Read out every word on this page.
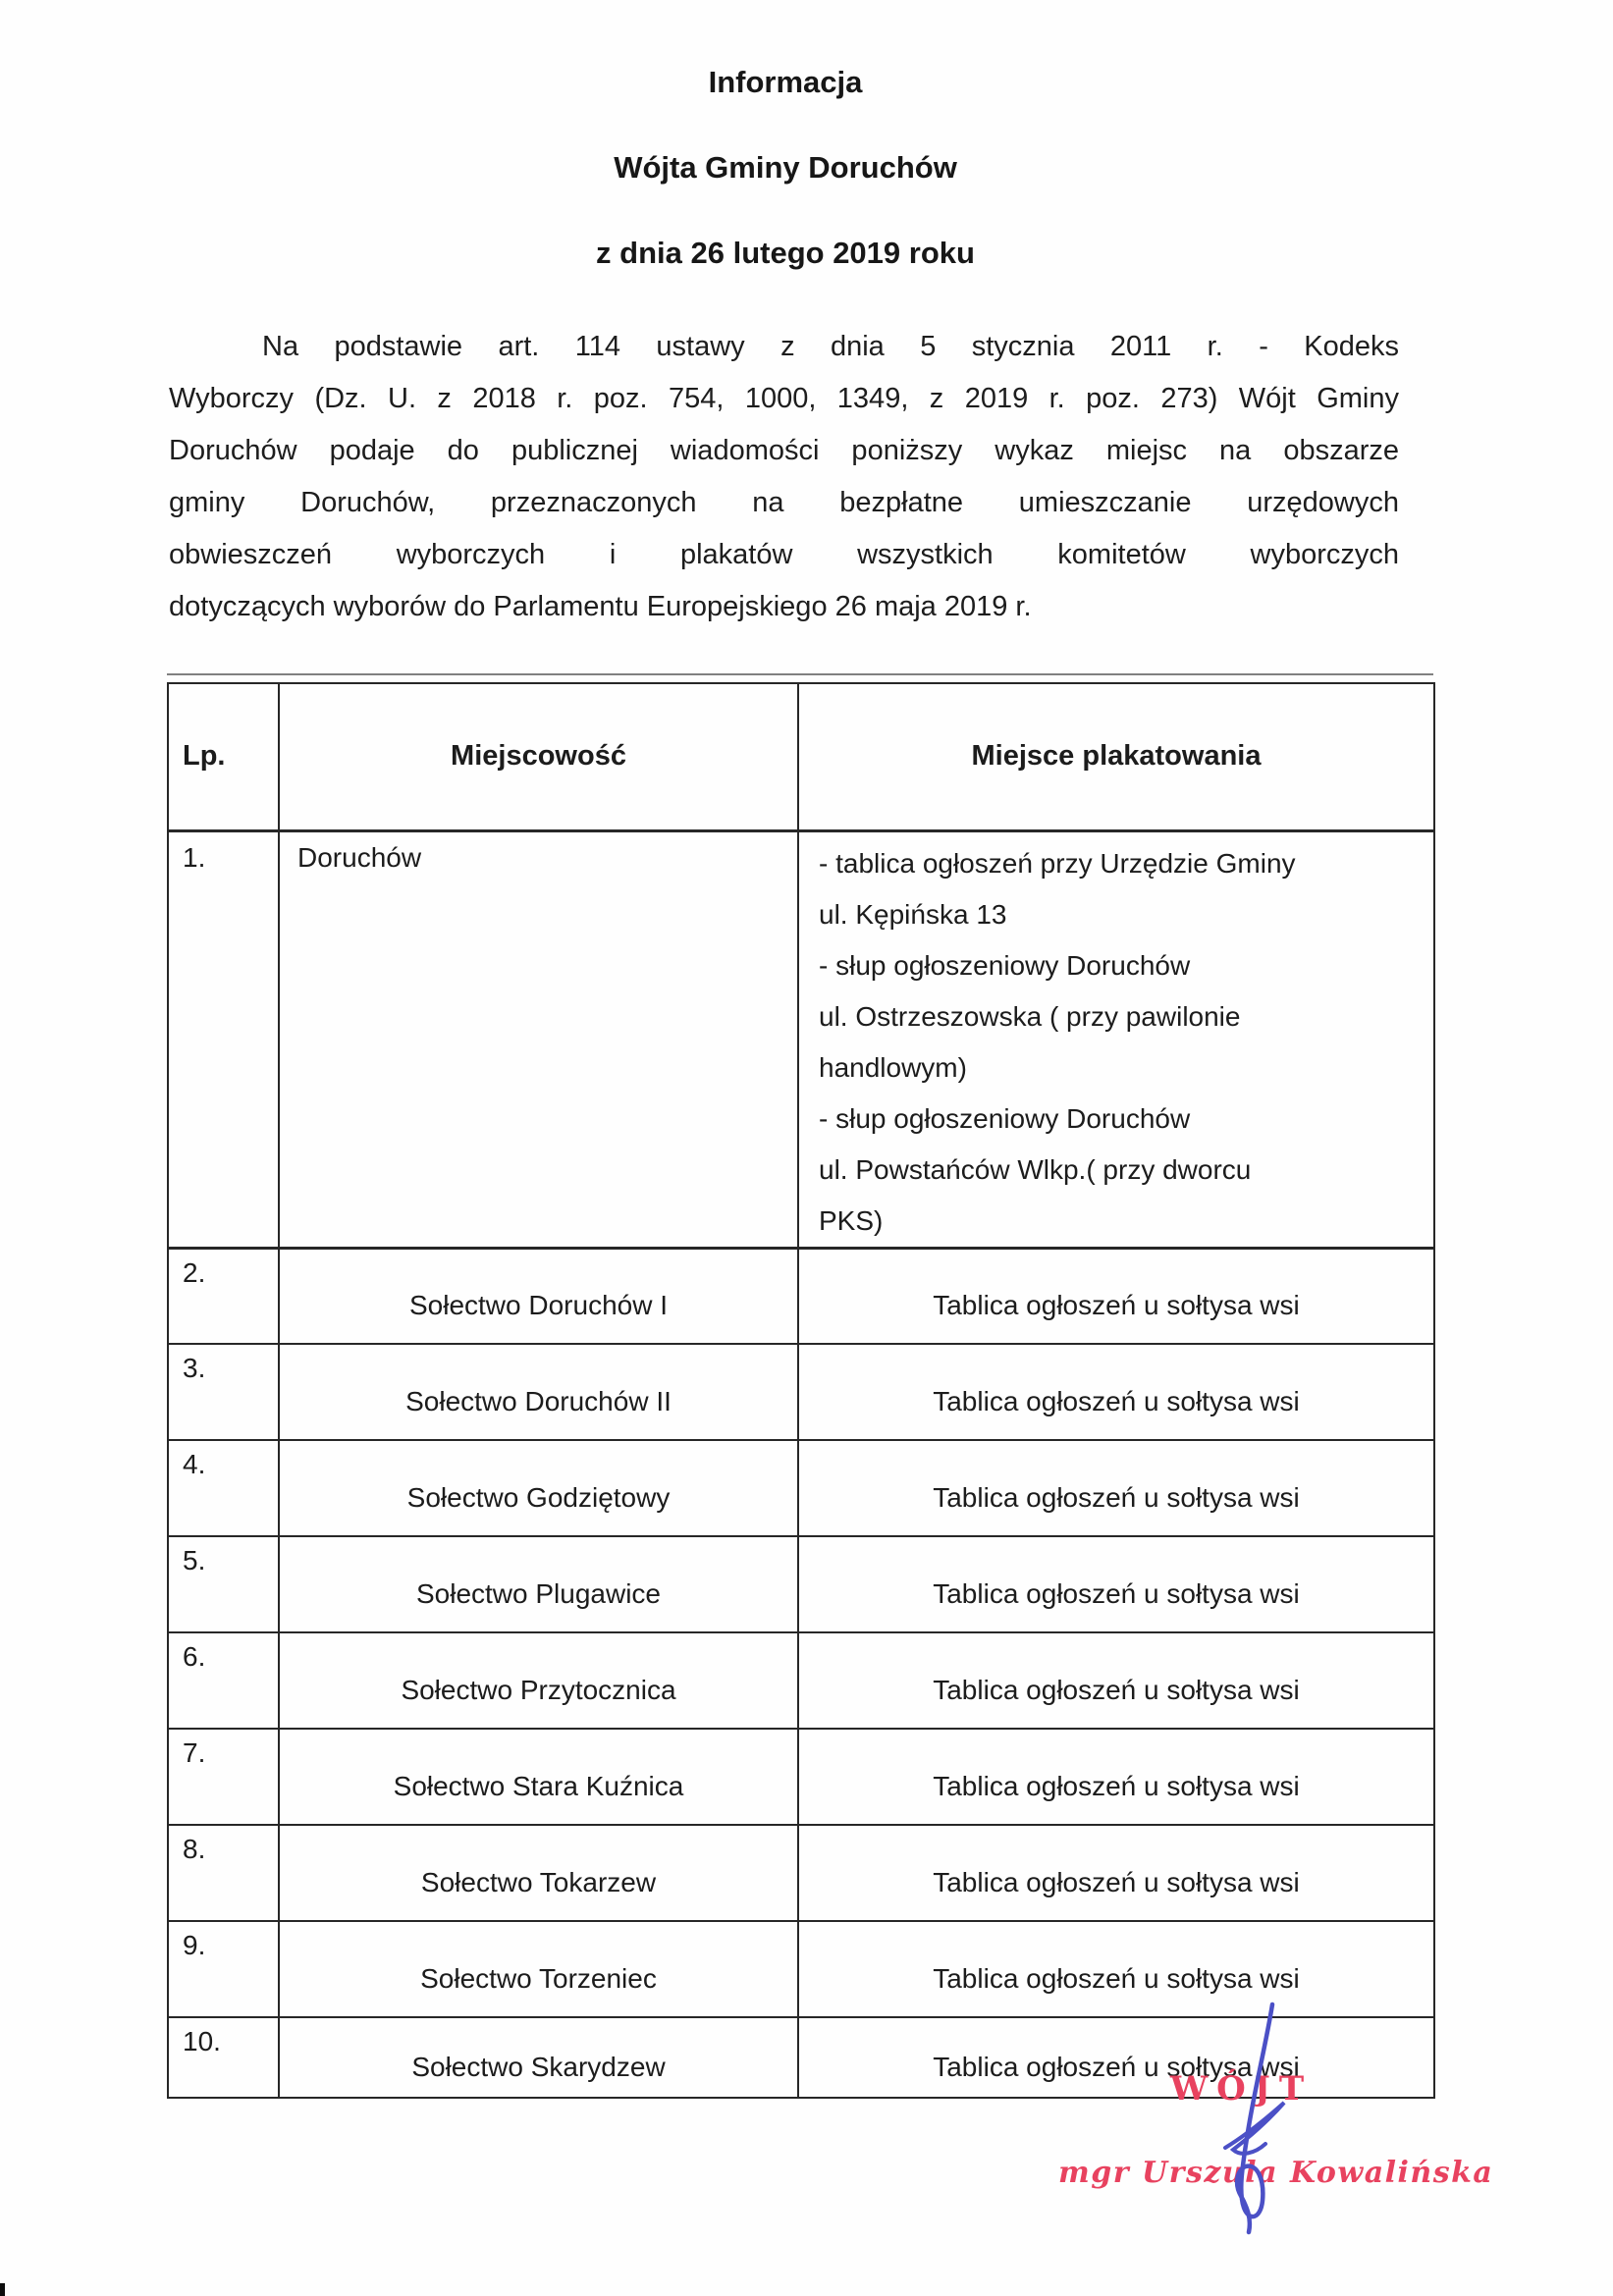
Informacja
Wójta Gminy Doruchów
z dnia 26 lutego 2019 roku
Na podstawie art. 114 ustawy z dnia 5 stycznia 2011 r. - Kodeks
Wyborczy (Dz. U. z 2018 r. poz. 754, 1000, 1349, z 2019 r. poz. 273) Wójt Gminy
Doruchów podaje do publicznej wiadomości poniższy wykaz miejsc na obszarze
gminy Doruchów, przeznaczonych na bezpłatne umieszczanie urzędowych
obwieszczeń wyborczych i plakatów wszystkich komitetów wyborczych
dotyczących wyborów do Parlamentu Europejskiego 26 maja 2019 r.
Lp.	Miejscowość	Miejsce plakatowania
1.	Doruchów	- tablica ogłoszeń przy Urzędzie Gminy
ul. Kępińska 13
- słup ogłoszeniowy Doruchów
ul. Ostrzeszowska ( przy pawilonie
handlowym)
- słup ogłoszeniowy Doruchów
ul. Powstańców Wlkp.( przy dworcu
PKS)

2.	Sołectwo Doruchów I	Tablica ogłoszeń u sołtysa wsi

3.	Sołectwo Doruchów II	Tablica ogłoszeń u sołtysa wsi

4.	Sołectwo Godziętowy	Tablica ogłoszeń u sołtysa wsi

5.	Sołectwo Plugawice	Tablica ogłoszeń u sołtysa wsi

6.	Sołectwo Przytocznica	Tablica ogłoszeń u sołtysa wsi

7.	Sołectwo Stara Kuźnica	Tablica ogłoszeń u sołtysa wsi

8.	Sołectwo Tokarzew	Tablica ogłoszeń u sołtysa wsi

9.	Sołectwo Torzeniec	Tablica ogłoszeń u sołtysa wsi

10.	Sołectwo Skarydzew	Tablica ogłoszeń u sołtysa wsi
WÓJT
mgr Urszula Kowalińska
